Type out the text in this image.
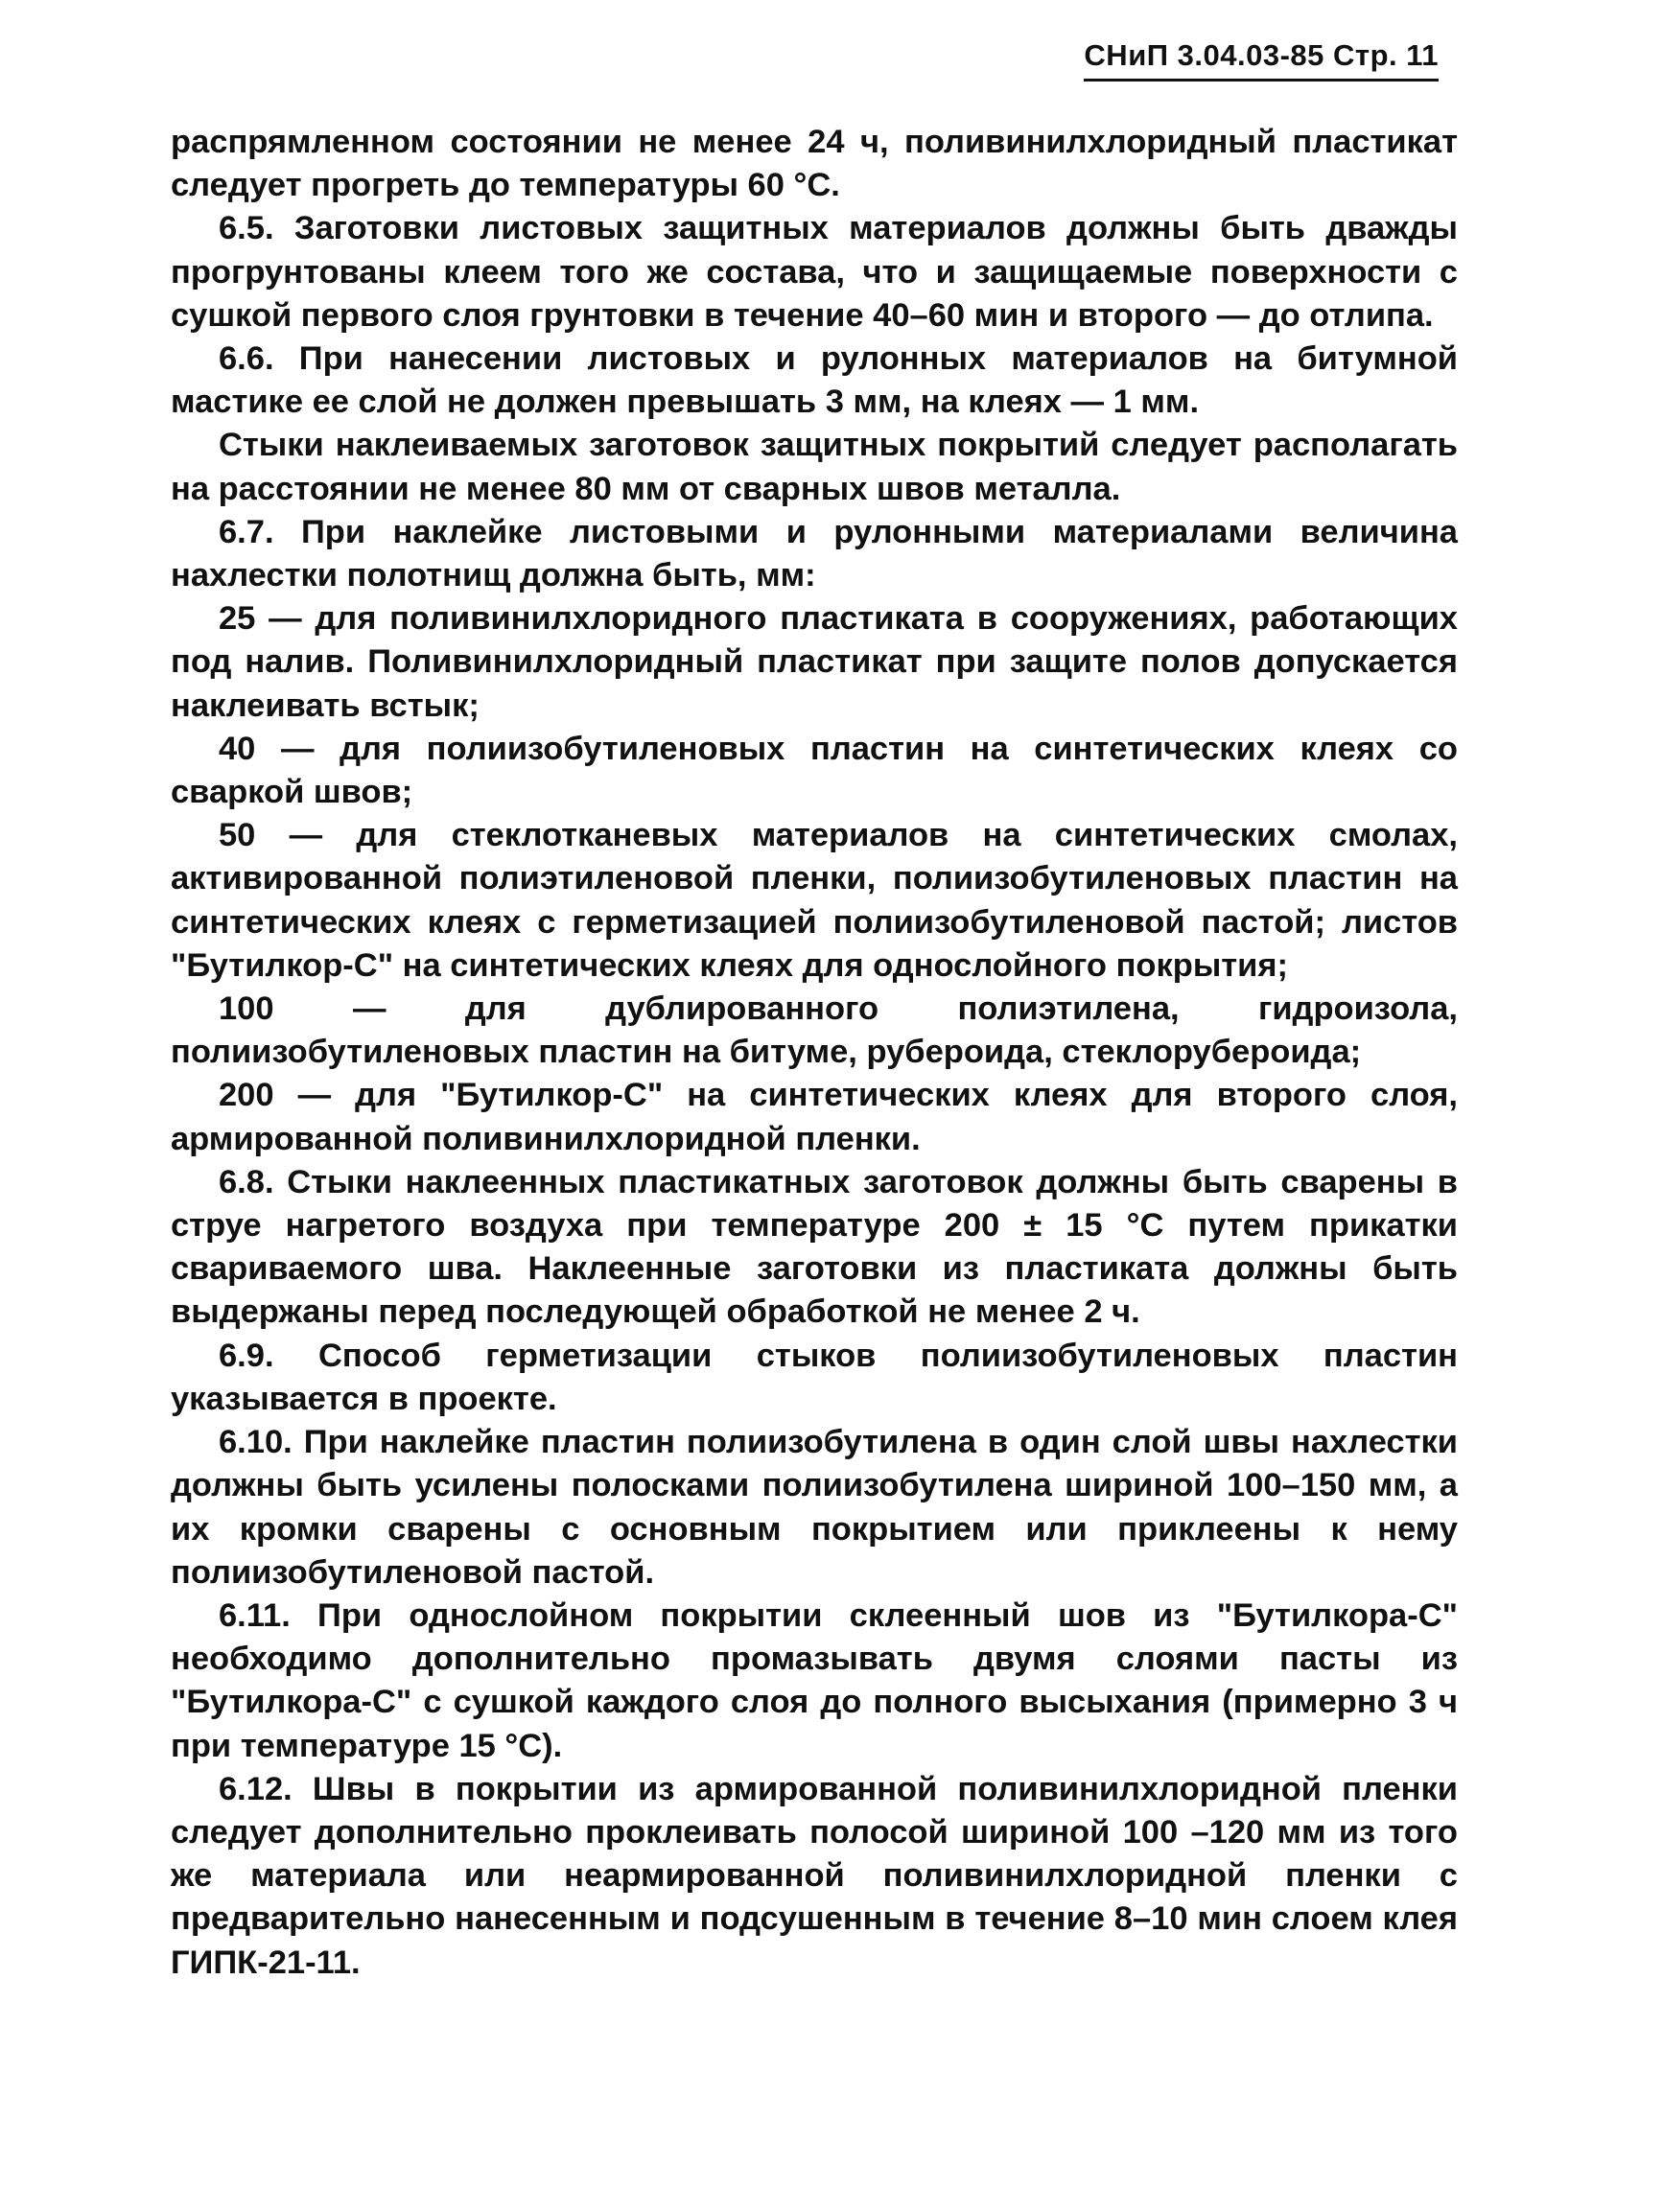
СНиП 3.04.03-85 Стр. 11

распрямленном состоянии не менее 24 ч, поливинилхлоридный пластикат следует прогреть до температуры 60 °С.

6.5. Заготовки листовых защитных материалов должны быть дважды прогрунтованы клеем того же состава, что и защищаемые поверхности с сушкой первого слоя грунтовки в течение 40–60 мин и второго — до отлипа.

6.6. При нанесении листовых и рулонных материалов на битумной мастике ее слой не должен превышать 3 мм, на клеях — 1 мм.

Стыки наклеиваемых заготовок защитных покрытий следует располагать на расстоянии не менее 80 мм от сварных швов металла.

6.7. При наклейке листовыми и рулонными материалами величина нахлестки полотнищ должна быть, мм:

25 — для поливинилхлоридного пластиката в сооружениях, работающих под налив. Поливинилхлоридный пластикат при защите полов допускается наклеивать встык;

40 — для полиизобутиленовых пластин на синтетических клеях со сваркой швов;

50 — для стеклотканевых материалов на синтетических смолах, активированной полиэтиленовой пленки, полиизобутиленовых пластин на синтетических клеях с герметизацией полиизобутиленовой пастой; листов "Бутилкор-С" на синтетических клеях для однослойного покрытия;

100 — для дублированного полиэтилена, гидроизола, полиизобутиленовых пластин на битуме, рубероида, стеклорубероида;

200 — для "Бутилкор-С" на синтетических клеях для второго слоя, армированной поливинилхлоридной пленки.

6.8. Стыки наклеенных пластикатных заготовок должны быть сварены в струе нагретого воздуха при температуре 200 ± 15 °С путем прикатки свариваемого шва. Наклеенные заготовки из пластиката должны быть выдержаны перед последующей обработкой не менее 2 ч.

6.9. Способ герметизации стыков полиизобутиленовых пластин указывается в проекте.

6.10. При наклейке пластин полиизобутилена в один слой швы нахлестки должны быть усилены полосками полиизобутилена шириной 100–150 мм, а их кромки сварены с основным покрытием или приклеены к нему полиизобутиленовой пастой.

6.11. При однослойном покрытии склеенный шов из "Бутилкора-С" необходимо дополнительно промазывать двумя слоями пасты из "Бутилкора-С" с сушкой каждого слоя до полного высыхания (примерно 3 ч при температуре 15 °С).

6.12. Швы в покрытии из армированной поливинилхлоридной пленки следует дополнительно проклеивать полосой шириной 100 –120 мм из того же материала или неармированной поливинилхлоридной пленки с предварительно нанесенным и подсушенным в течение 8–10 мин слоем клея ГИПК-21-11.
